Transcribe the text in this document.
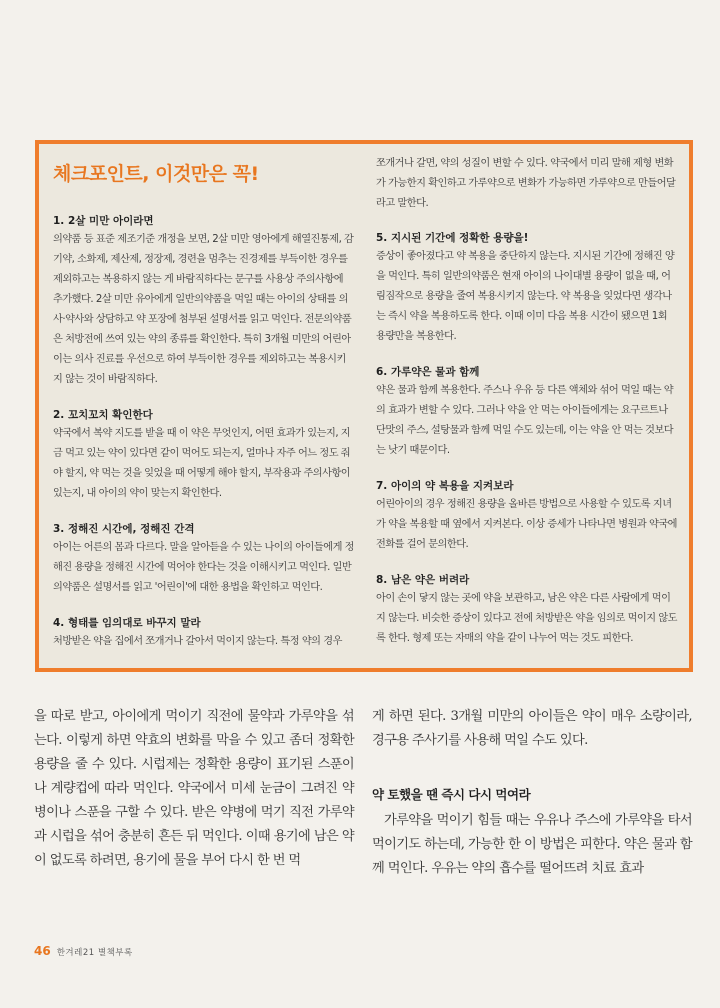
체크포인트, 이것만은 꼭!
1. 2살 미만 아이라면
의약품 등 표준 제조기준 개정을 보면, 2살 미만 영아에게 해열진통제, 감기약, 소화제, 제산제, 정장제, 경련을 멈추는 진경제를 부득이한 경우를 제외하고는 복용하지 않는 게 바람직하다는 문구를 사용상 주의사항에 추가했다. 2살 미만 유아에게 일반의약품을 먹일 때는 아이의 상태를 의사·약사와 상담하고 약 포장에 첨부된 설명서를 읽고 먹인다. 전문의약품은 처방전에 쓰여 있는 약의 종류를 확인한다. 특히 3개월 미만의 어린아이는 의사 진료를 우선으로 하여 부득이한 경우를 제외하고는 복용시키지 않는 것이 바람직하다.
2. 꼬치꼬치 확인한다
약국에서 복약 지도를 받을 때 이 약은 무엇인지, 어떤 효과가 있는지, 지금 먹고 있는 약이 있다면 같이 먹어도 되는지, 얼마나 자주 어느 정도 줘야 할지, 약 먹는 것을 잊었을 때 어떻게 해야 할지, 부작용과 주의사항이 있는지, 내 아이의 약이 맞는지 확인한다.
3. 정해진 시간에, 정해진 간격
아이는 어른의 몸과 다르다. 말을 알아듣을 수 있는 나이의 아이들에게 정해진 용량을 정해진 시간에 먹어야 한다는 것을 이해시키고 먹인다. 일반의약품은 설명서를 읽고 '어린이'에 대한 용법을 확인하고 먹인다.
4. 형태를 임의대로 바꾸지 말라
처방받은 약을 집에서 쪼개거나 갈아서 먹이지 않는다. 특정 약의 경우
쪼개거나 갈면, 약의 성질이 변할 수 있다. 약국에서 미리 말해 제형 변화가 가능한지 확인하고 가루약으로 변화가 가능하면 가루약으로 만들어달라고 말한다.
5. 지시된 기간에 정확한 용량을!
증상이 좋아졌다고 약 복용을 중단하지 않는다. 지시된 기간에 정해진 양을 먹인다. 특히 일반의약품은 현재 아이의 나이대별 용량이 없을 때, 어림짐작으로 용량을 줄여 복용시키지 않는다. 약 복용을 잊었다면 생각나는 즉시 약을 복용하도록 한다. 이때 이미 다음 복용 시간이 됐으면 1회 용량만을 복용한다.
6. 가루약은 물과 함께
약은 물과 함께 복용한다. 주스나 우유 등 다른 액체와 섞어 먹일 때는 약의 효과가 변할 수 있다. 그러나 약을 안 먹는 아이들에게는 요구르트나 단맛의 주스, 설탕물과 함께 먹일 수도 있는데, 이는 약을 안 먹는 것보다는 낫기 때문이다.
7. 아이의 약 복용을 지켜보라
어린아이의 경우 정해진 용량을 올바른 방법으로 사용할 수 있도록 지녀가 약을 복용할 때 옆에서 지켜본다. 이상 증세가 나타나면 병원과 약국에 전화를 걸어 문의한다.
8. 남은 약은 버려라
아이 손이 닿지 않는 곳에 약을 보관하고, 남은 약은 다른 사람에게 먹이지 않는다. 비슷한 증상이 있다고 전에 처방받은 약을 임의로 먹이지 않도록 한다. 형제 또는 자매의 약을 같이 나누어 먹는 것도 피한다.
을 따로 받고, 아이에게 먹이기 직전에 물약과 가루약을 섞는다. 이렇게 하면 약효의 변화를 막을 수 있고 좀더 정확한 용량을 줄 수 있다. 시럽제는 정확한 용량이 표기된 스푼이나 계량컵에 따라 먹인다. 약국에서 미세 눈금이 그려진 약병이나 스푼을 구할 수 있다. 받은 약병에 먹기 직전 가루약과 시럽을 섞어 충분히 흔든 뒤 먹인다. 이때 용기에 남은 약이 없도록 하려면, 용기에 물을 부어 다시 한 번 먹
게 하면 된다. 3개월 미만의 아이들은 약이 매우 소량이라, 경구용 주사기를 사용해 먹일 수도 있다.
약 토했을 땐 즉시 다시 먹여라
가루약을 먹이기 힘들 때는 우유나 주스에 가루약을 타서 먹이기도 하는데, 가능한 한 이 방법은 피한다. 약은 물과 함께 먹인다. 우유는 약의 흡수를 떨어뜨려 치료 효과
46 한겨레21 별책부록
